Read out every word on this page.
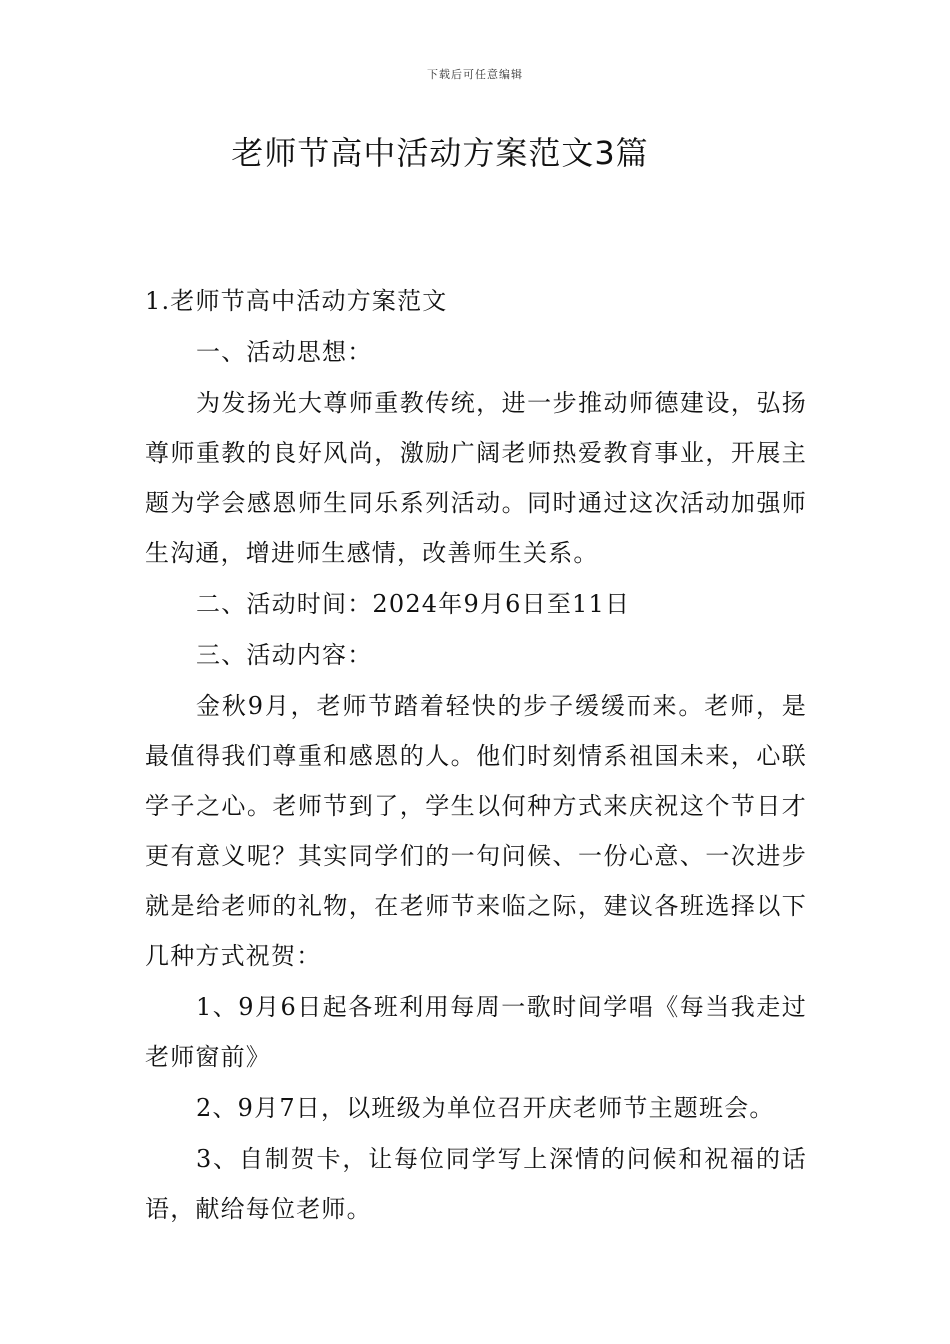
下载后可任意编辑
老师节高中活动方案范文3篇

1.老师节高中活动方案范文

一、活动思想：

为发扬光大尊师重教传统，进一步推动师德建设，弘扬尊师重教的良好风尚，激励广阔老师热爱教育事业，开展主题为学会感恩师生同乐系列活动。同时通过这次活动加强师生沟通，增进师生感情，改善师生关系。

二、活动时间：2024年9月6日至11日

三、活动内容：

金秋9月，老师节踏着轻快的步子缓缓而来。老师，是最值得我们尊重和感恩的人。他们时刻情系祖国未来，心联学子之心。老师节到了，学生以何种方式来庆祝这个节日才更有意义呢？其实同学们的一句问候、一份心意、一次进步就是给老师的礼物，在老师节来临之际，建议各班选择以下几种方式祝贺：

1、9月6日起各班利用每周一歌时间学唱《每当我走过老师窗前》

2、9月7日，以班级为单位召开庆老师节主题班会。

3、自制贺卡，让每位同学写上深情的问候和祝福的话语，献给每位老师。
